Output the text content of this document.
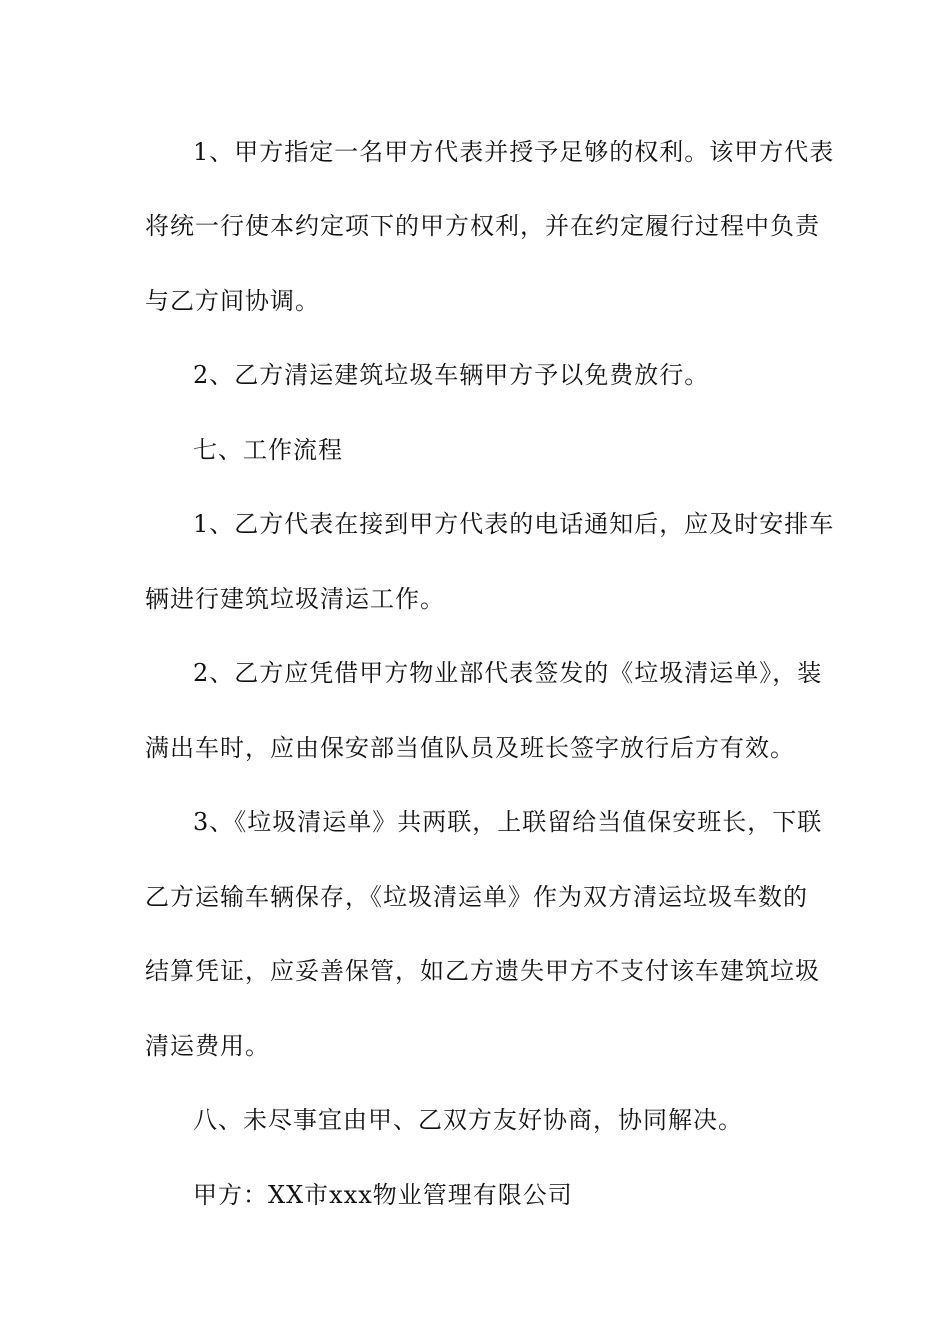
1、甲方指定一名甲方代表并授予足够的权利。该甲方代表
将统一行使本约定项下的甲方权利，并在约定履行过程中负责
与乙方间协调。
2、乙方清运建筑垃圾车辆甲方予以免费放行。
七、工作流程
1、乙方代表在接到甲方代表的电话通知后，应及时安排车
辆进行建筑垃圾清运工作。
2、乙方应凭借甲方物业部代表签发的《垃圾清运单》，装
满出车时，应由保安部当值队员及班长签字放行后方有效。
3、《垃圾清运单》共两联，上联留给当值保安班长，下联
乙方运输车辆保存，《垃圾清运单》作为双方清运垃圾车数的
结算凭证，应妥善保管，如乙方遗失甲方不支付该车建筑垃圾
清运费用。
八、未尽事宜由甲、乙双方友好协商，协同解决。
甲方：XX市xxx物业管理有限公司
